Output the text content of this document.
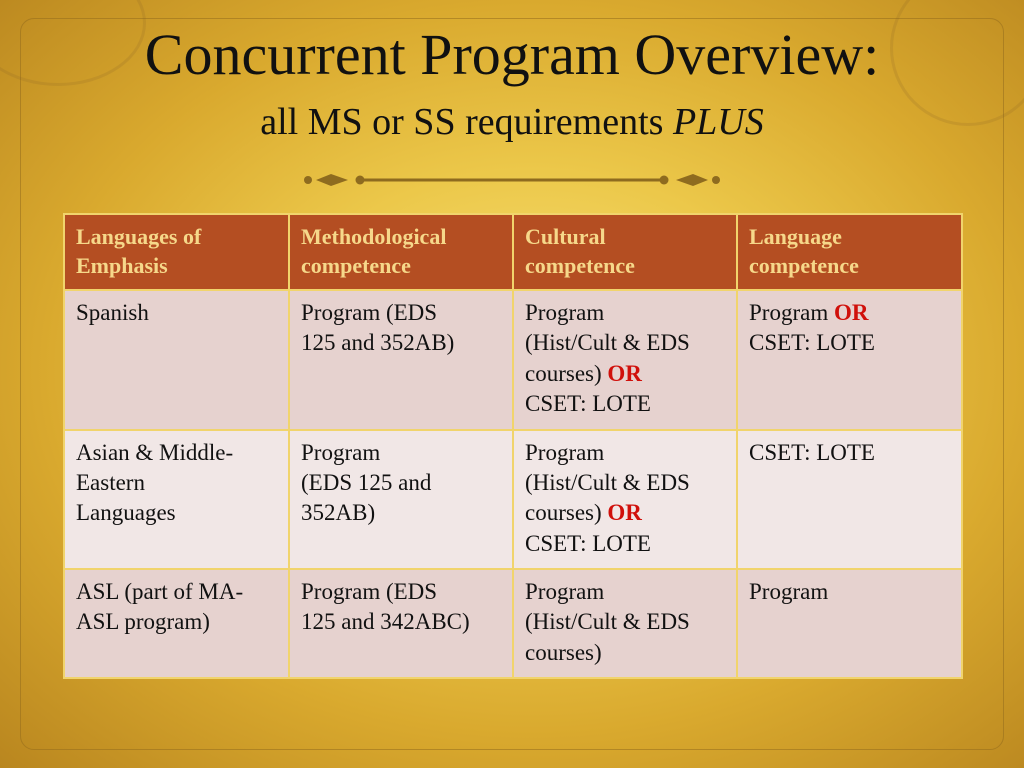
Concurrent Program Overview:
all MS or SS requirements PLUS
Languages of
Emphasis	Methodological
competence	Cultural
competence	Language
competence

Spanish	Program (EDS
125 and 352AB)	Program
(Hist/Cult & EDS
courses) OR
CSET: LOTE	Program OR
CSET: LOTE

Asian & Middle-
Eastern
Languages	Program
(EDS 125 and
352AB)	Program
(Hist/Cult & EDS
courses) OR
CSET: LOTE	CSET: LOTE

ASL (part of MA-
ASL program)	Program (EDS
125 and 342ABC)	Program
(Hist/Cult & EDS
courses)	Program
